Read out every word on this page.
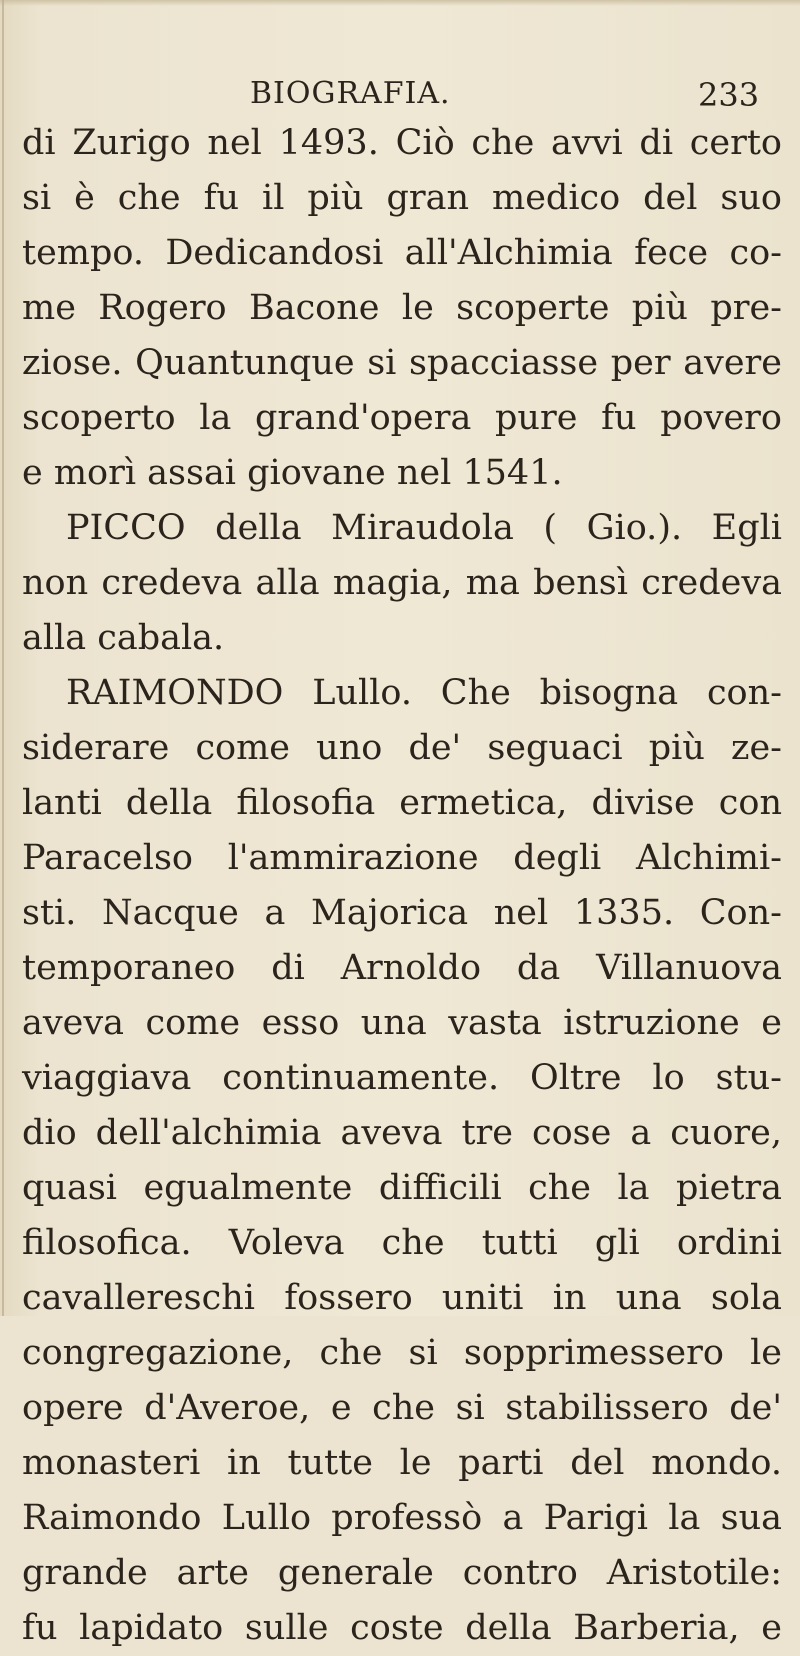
BIOGRAFIA.	233
di Zurigo nel 1493. Ciò che avvi di certo
si è che fu il più gran medico del suo
tempo. Dedicandosi all'Alchimia fece co-
me Rogero Bacone le scoperte più pre-
ziose. Quantunque si spacciasse per avere
scoperto la grand'opera pure fu povero
e morì assai giovane nel 1541.
PICCO della Miraudola ( Gio.). Egli
non credeva alla magia, ma bensì credeva
alla cabala.
RAIMONDO Lullo. Che bisogna con-
siderare come uno de' seguaci più ze-
lanti della filosofia ermetica, divise con
Paracelso l'ammirazione degli Alchimi-
sti. Nacque a Majorica nel 1335. Con-
temporaneo di Arnoldo da Villanuova
aveva come esso una vasta istruzione e
viaggiava continuamente. Oltre lo stu-
dio dell'alchimia aveva tre cose a cuore,
quasi egualmente difficili che la pietra
filosofica. Voleva che tutti gli ordini
cavallereschi fossero uniti in una sola
congregazione, che si sopprimessero le
opere d'Averoe, e che si stabilissero de'
monasteri in tutte le parti del mondo.
Raimondo Lullo professò a Parigi la sua
grande arte generale contro Aristotile:
fu lapidato sulle coste della Barberia, e
